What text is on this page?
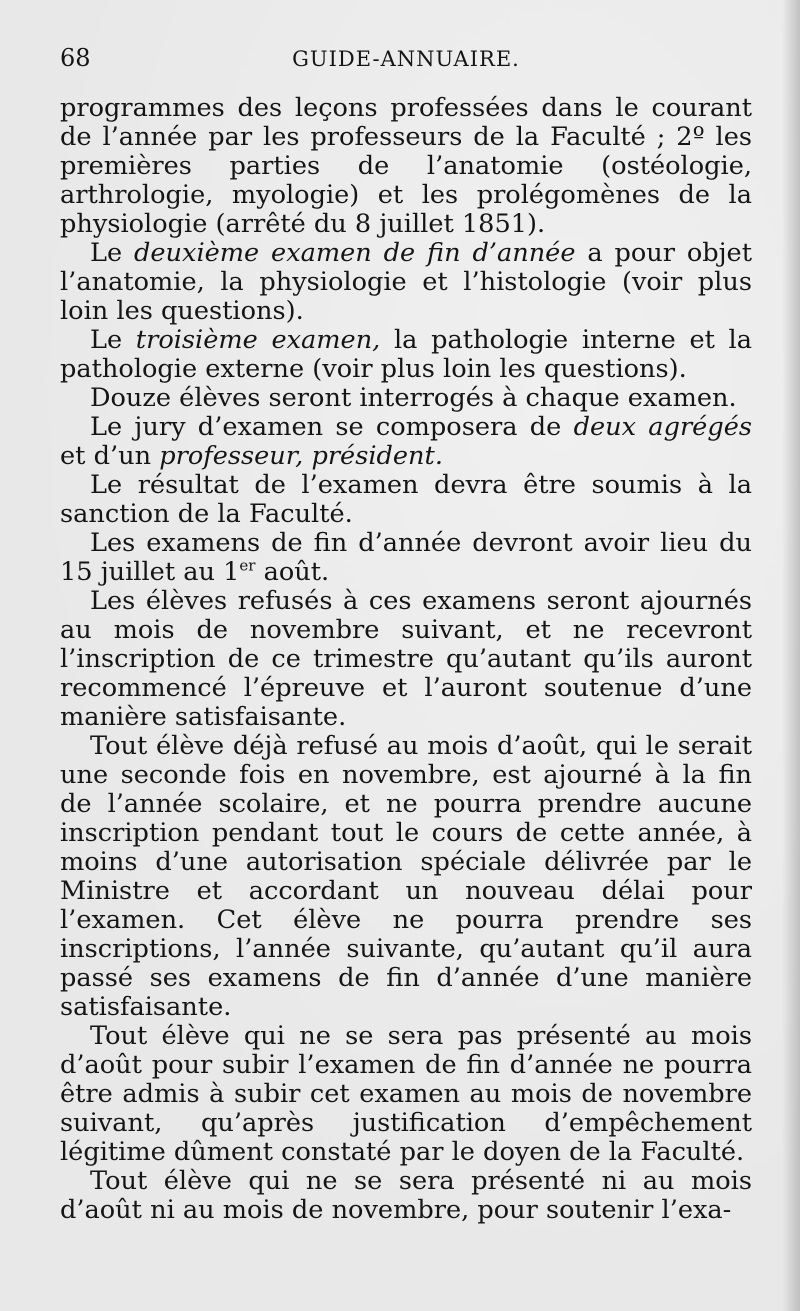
68	GUIDE-ANNUAIRE.

programmes des leçons professées dans le courant de l’année par les professeurs de la Faculté ; 2º les premières parties de l’anatomie (ostéologie, arthrologie, myologie) et les prolégomènes de la physiologie (arrêté du 8 juillet 1851).

Le deuxième examen de fin d’année a pour objet l’anatomie, la physiologie et l’histologie (voir plus loin les questions).

Le troisième examen, la pathologie interne et la pathologie externe (voir plus loin les questions).

Douze élèves seront interrogés à chaque examen.

Le jury d’examen se composera de deux agrégés et d’un professeur, président.

Le résultat de l’examen devra être soumis à la sanction de la Faculté.

Les examens de fin d’année devront avoir lieu du 15 juillet au 1er août.

Les élèves refusés à ces examens seront ajournés au mois de novembre suivant, et ne recevront l’inscription de ce trimestre qu’autant qu’ils auront recommencé l’épreuve et l’auront soutenue d’une manière satisfaisante.

Tout élève déjà refusé au mois d’août, qui le serait une seconde fois en novembre, est ajourné à la fin de l’année scolaire, et ne pourra prendre aucune inscription pendant tout le cours de cette année, à moins d’une autorisation spéciale délivrée par le Ministre et accordant un nouveau délai pour l’examen. Cet élève ne pourra prendre ses inscriptions, l’année suivante, qu’autant qu’il aura passé ses examens de fin d’année d’une manière satisfaisante.

Tout élève qui ne se sera pas présenté au mois d’août pour subir l’examen de fin d’année ne pourra être admis à subir cet examen au mois de novembre suivant, qu’après justification d’empêchement légitime dûment constaté par le doyen de la Faculté.

Tout élève qui ne se sera présenté ni au mois d’août ni au mois de novembre, pour soutenir l’exa-
